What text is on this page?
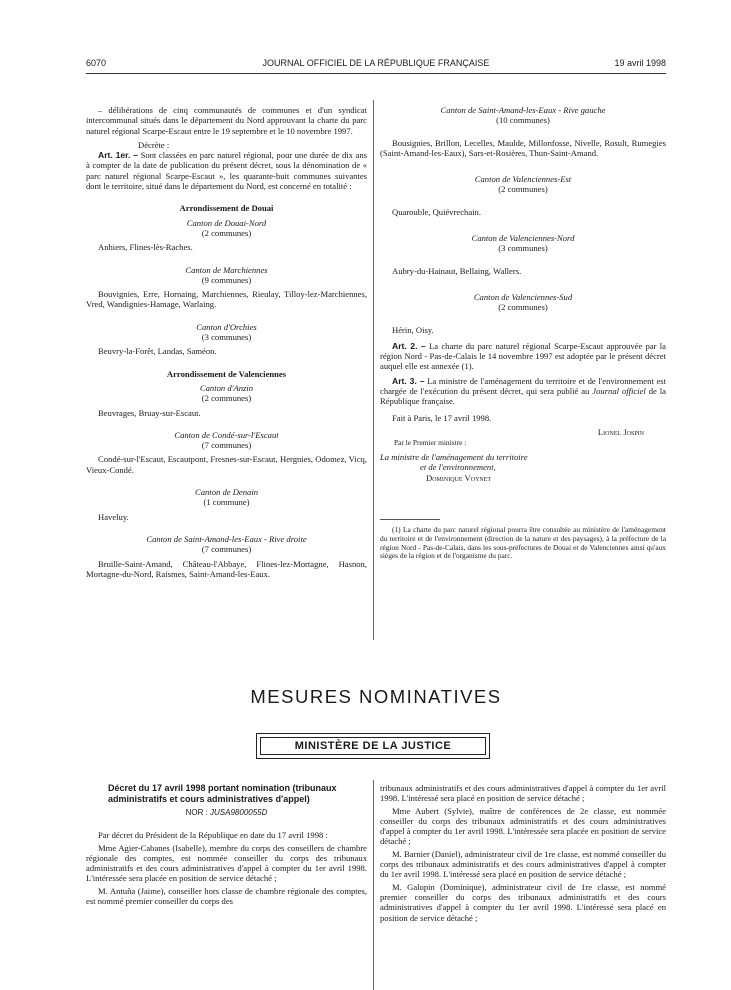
6070	JOURNAL OFFICIEL DE LA RÉPUBLIQUE FRANÇAISE	19 avril 1998

– délibérations de cinq communautés de communes et d'un syndicat intercommunal situés dans le département du Nord approuvant la charte du parc naturel régional Scarpe-Escaut entre le 19 septembre et le 10 novembre 1997.

Décrète :

Art. 1er. – Sont classées en parc naturel régional, pour une durée de dix ans à compter de la date de publication du présent décret, sous la dénomination de « parc naturel régional Scarpe-Escaut », les quarante-huit communes suivantes dont le territoire, situé dans le département du Nord, est concerné en totalité :

Arrondissement de Douai

Canton de Douai-Nord

(2 communes)

Anhiers, Flines-lès-Raches.

Canton de Marchiennes

(9 communes)

Bouvignies, Erre, Hornaing, Marchiennes, Rieulay, Tilloy-lez-Marchiennes, Vred, Wandignies-Hamage, Warlaing.

Canton d'Orchies

(3 communes)

Beuvry-la-Forêt, Landas, Saméon.

Arrondissement de Valenciennes

Canton d'Anzin

(2 communes)

Beuvrages, Bruay-sur-Escaut.

Canton de Condé-sur-l'Escaut

(7 communes)

Condé-sur-l'Escaut, Escautpont, Fresnes-sur-Escaut, Hergnies, Odomez, Vicq, Vieux-Condé.

Canton de Denain

(1 commune)

Haveluy.

Canton de Saint-Amand-les-Eaux - Rive droite

(7 communes)

Bruille-Saint-Amand, Château-l'Abbaye, Flines-lez-Mortagne, Hasnon, Mortagne-du-Nord, Raismes, Saint-Amand-les-Eaux.

Canton de Saint-Amand-les-Eaux - Rive gauche

(10 communes)

Bousignies, Brillon, Lecelles, Maulde, Millonfosse, Nivelle, Rosult, Rumegies (Saint-Amand-les-Eaux), Sars-et-Rosières, Thun-Saint-Amand.

Canton de Valenciennes-Est

(2 communes)

Quarouble, Quiévrechain.

Canton de Valenciennes-Nord

(3 communes)

Aubry-du-Hainaut, Bellaing, Wallers.

Canton de Valenciennes-Sud

(2 communes)

Hérin, Oisy.

Art. 2. – La charte du parc naturel régional Scarpe-Escaut approuvée par la région Nord - Pas-de-Calais le 14 novembre 1997 est adoptée par le présent décret auquel elle est annexée (1).

Art. 3. – La ministre de l'aménagement du territoire et de l'environnement est chargée de l'exécution du présent décret, qui sera publié au Journal officiel de la République française.

Fait à Paris, le 17 avril 1998.

Lionel Jospin

Par le Premier ministre :

La ministre de l'aménagement du territoire

et de l'environnement,

Dominique Voynet

(1) La charte du parc naturel régional pourra être consultée au ministère de l'aménagement du territoire et de l'environnement (direction de la nature et des paysages), à la préfecture de la région Nord - Pas-de-Calais, dans les sous-préfectures de Douai et de Valenciennes ainsi qu'aux sièges de la région et de l'organisme du parc.

MESURES NOMINATIVES
MINISTÈRE DE LA JUSTICE

Décret du 17 avril 1998 portant nomination (tribunaux administratifs et cours administratives d'appel)

NOR : JUSA9800055D

Par décret du Président de la République en date du 17 avril 1998 :

Mme Agier-Cabanes (Isabelle), membre du corps des conseillers de chambre régionale des comptes, est nommée conseiller du corps des tribunaux administratifs et des cours administratives d'appel à compter du 1er avril 1998. L'intéressée sera placée en position de service détaché ;

M. Antuña (Jaime), conseiller hors classe de chambre régionale des comptes, est nommé premier conseiller du corps des

tribunaux administratifs et des cours administratives d'appel à compter du 1er avril 1998. L'intéressé sera placé en position de service détaché ;

Mme Aubert (Sylvie), maître de conférences de 2e classe, est nommée conseiller du corps des tribunaux administratifs et des cours administratives d'appel à compter du 1er avril 1998. L'intéressée sera placée en position de service détaché ;

M. Barnier (Daniel), administrateur civil de 1re classe, est nommé conseiller du corps des tribunaux administratifs et des cours administratives d'appel à compter du 1er avril 1998. L'intéressé sera placé en position de service détaché ;

M. Galopin (Dominique), administrateur civil de 1re classe, est nommé premier conseiller du corps des tribunaux administratifs et des cours administratives d'appel à compter du 1er avril 1998. L'intéressé sera placé en position de service détaché ;
